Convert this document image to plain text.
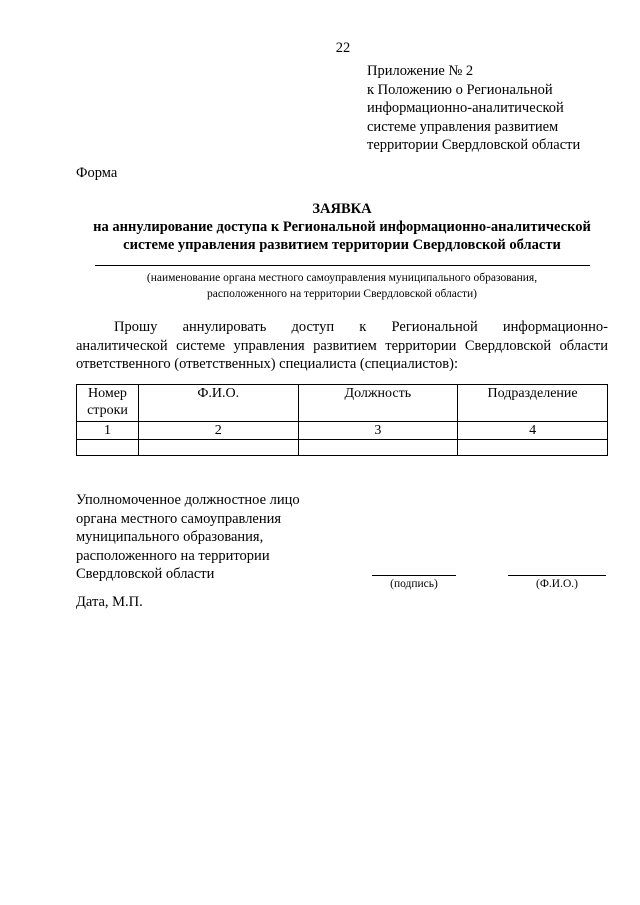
22
Приложение № 2
к Положению о Региональной
информационно-аналитической
системе управления развитием
территории Свердловской области
Форма
ЗАЯВКА
на аннулирование доступа к Региональной информационно-аналитической
системе управления развитием территории Свердловской области
(наименование органа местного самоуправления муниципального образования,
расположенного на территории Свердловской области)
Прошу аннулировать доступ к Региональной информационно-
аналитической системе управления развитием территории Свердловской области ответственного (ответственных) специалиста (специалистов):
Номер строки	Ф.И.О.	Должность	Подразделение
1	2	3	4

Уполномоченное должностное лицо
органа местного самоуправления
муниципального образования,
расположенного на территории
Свердловской области
(подпись)	(Ф.И.О.)
Дата, М.П.
